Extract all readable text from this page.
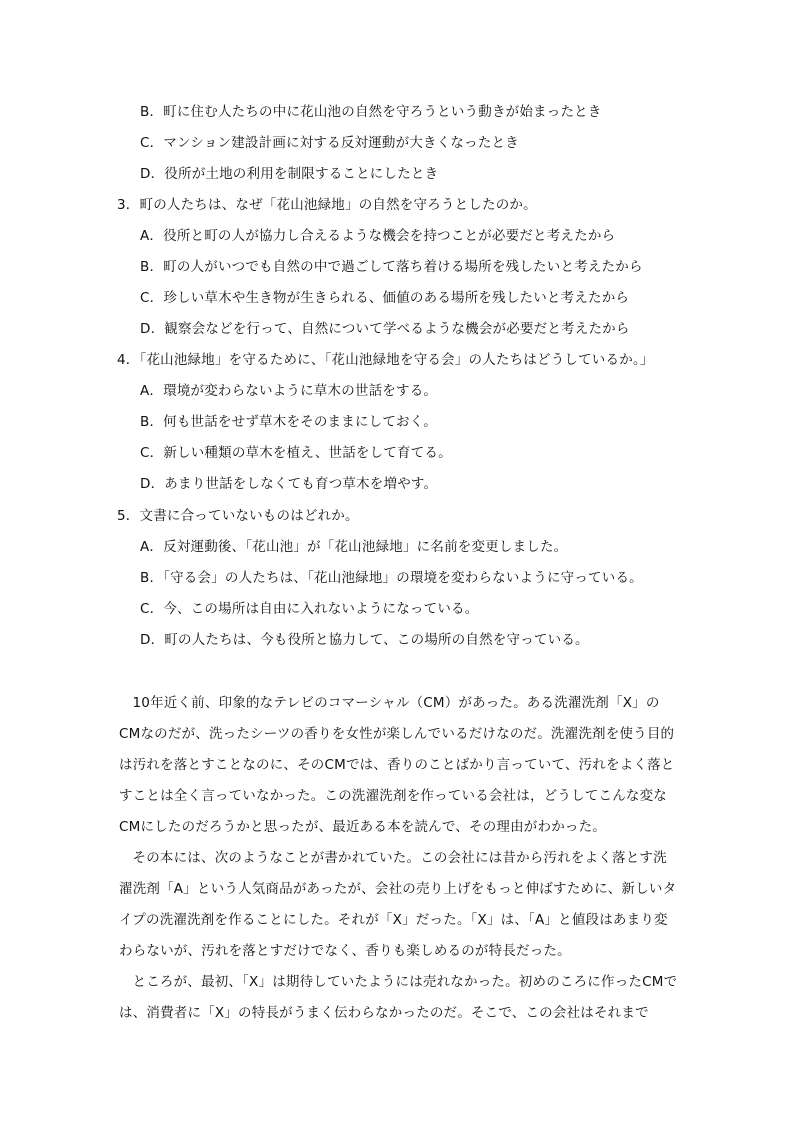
B．町に住む人たちの中に花山池の自然を守ろうという動きが始まったとき
C．マンション建設計画に対する反対運動が大きくなったとき
D．役所が土地の利用を制限することにしたとき
3．町の人たちは、なぜ「花山池緑地」の自然を守ろうとしたのか。
A．役所と町の人が協力し合えるような機会を持つことが必要だと考えたから
B．町の人がいつでも自然の中で過ごして落ち着ける場所を残したいと考えたから
C．珍しい草木や生き物が生きられる、価値のある場所を残したいと考えたから
D．観察会などを行って、自然について学べるような機会が必要だと考えたから
4．「花山池緑地」を守るために、「花山池緑地を守る会」の人たちはどうしているか。」
A．環境が変わらないように草木の世話をする。
B．何も世話をせず草木をそのままにしておく。
C．新しい種類の草木を植え、世話をして育てる。
D．あまり世話をしなくても育つ草木を増やす。
5．文書に合っていないものはどれか。
A．反対運動後、「花山池」が「花山池緑地」に名前を変更しました。
B．「守る会」の人たちは、「花山池緑地」の環境を変わらないように守っている。
C．今、この場所は自由に入れないようになっている。
D．町の人たちは、今も役所と協力して、この場所の自然を守っている。

10年近く前、印象的なテレビのコマーシャル（CM）があった。ある洗濯洗剤「X」のCMなのだが、洗ったシーツの香りを女性が楽しんでいるだけなのだ。洗濯洗剤を使う目的は汚れを落とすことなのに、そのCMでは、香りのことばかり言っていて、汚れをよく落とすことは全く言っていなかった。この洗濯洗剤を作っている会社は，どうしてこんな変なCMにしたのだろうかと思ったが、最近ある本を読んで、その理由がわかった。

その本には、次のようなことが書かれていた。この会社には昔から汚れをよく落とす洗濯洗剤「A」という人気商品があったが、会社の売り上げをもっと伸ばすために、新しいタイプの洗濯洗剤を作ることにした。それが「X」だった。「X」は、「A」と値段はあまり変わらないが、汚れを落とすだけでなく、香りも楽しめるのが特長だった。

ところが、最初、「X」は期待していたようには売れなかった。初めのころに作ったCMでは、消費者に「X」の特長がうまく伝わらなかったのだ。そこで、この会社はそれまで
